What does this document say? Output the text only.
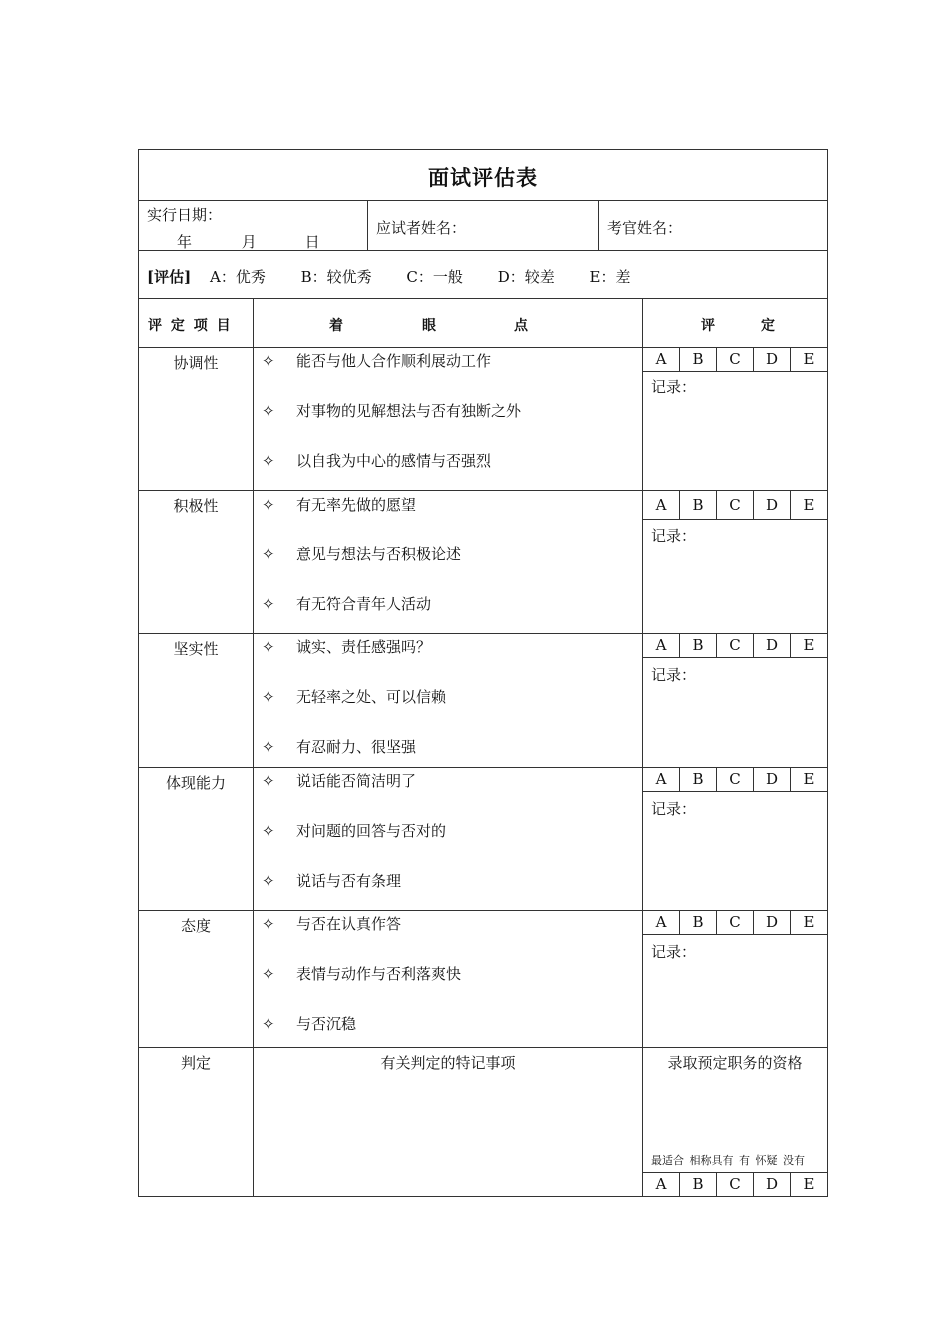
面试评估表
实行日期：
年	月	日
应试者姓名：	考官姓名：
[评估] A：优秀 B：较优秀 C：一般 D：较差 E：差
评 定 项 目	着	眼	点	评	定
协调性	✧ 能否与他人合作顺利展动工作
✧ 对事物的见解想法与否有独断之外
✧ 以自我为中心的感情与否强烈
A	B	C	D	E
记录：
积极性	✧ 有无率先做的愿望
✧ 意见与想法与否积极论述
✧ 有无符合青年人活动
A	B	C	D	E
记录：
坚实性	✧ 诚实、责任感强吗？
✧ 无轻率之处、可以信赖
✧ 有忍耐力、很坚强
A	B	C	D	E
记录：
体现能力	✧ 说话能否简洁明了
✧ 对问题的回答与否对的
✧ 说话与否有条理
A	B	C	D	E
记录：
态度	✧ 与否在认真作答
✧ 表情与动作与否利落爽快
✧ 与否沉稳
A	B	C	D	E
记录：
判定	有关判定的特记事项	录取预定职务的资格
最适合 相称具有 有 怀疑 没有
A	B	C	D	E
